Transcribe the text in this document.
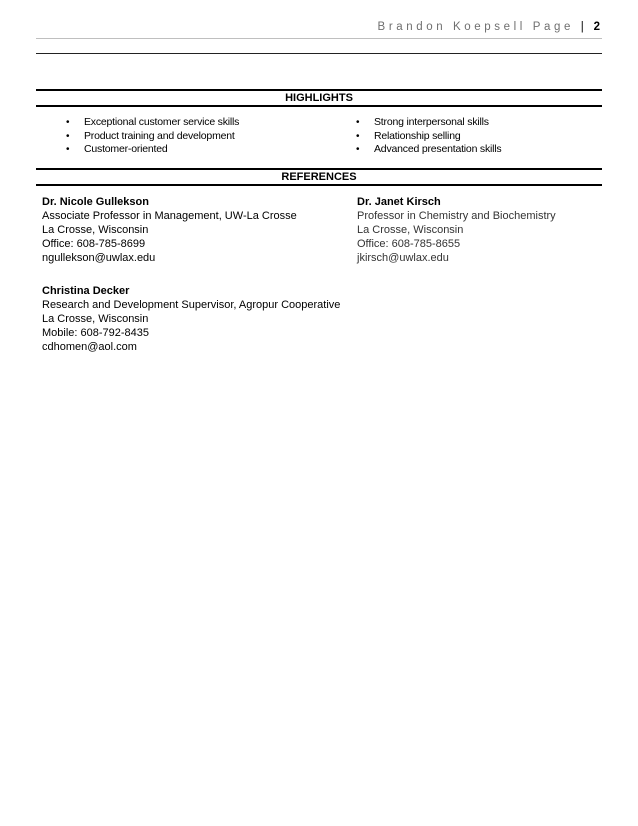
Brandon Koepsell Page | 2
HIGHLIGHTS
• Exceptional customer service skills
• Product training and development
• Customer-oriented
• Strong interpersonal skills
• Relationship selling
• Advanced presentation skills
REFERENCES
Dr. Nicole Gullekson
Associate Professor in Management, UW-La Crosse
La Crosse, Wisconsin
Office: 608-785-8699
ngullekson@uwlax.edu
Dr. Janet Kirsch
Professor in Chemistry and Biochemistry
La Crosse, Wisconsin
Office: 608-785-8655
jkirsch@uwlax.edu
Christina Decker
Research and Development Supervisor, Agropur Cooperative
La Crosse, Wisconsin
Mobile: 608-792-8435
cdhomen@aol.com
